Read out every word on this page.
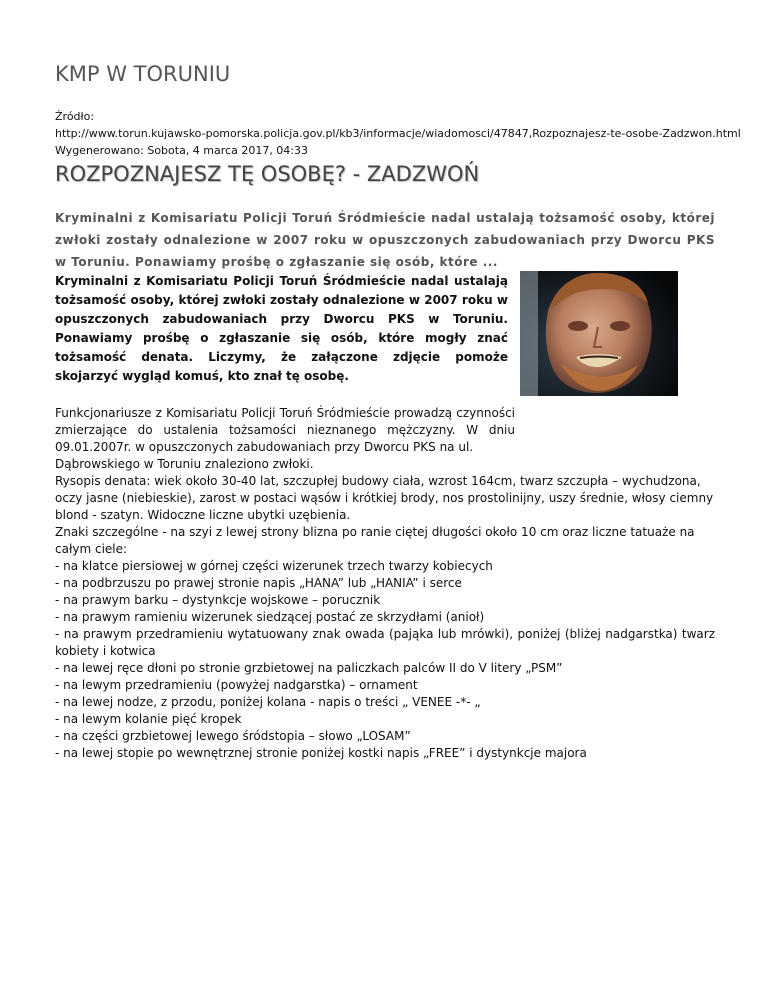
KMP W TORUNIU
Źródło:
http://www.torun.kujawsko-pomorska.policja.gov.pl/kb3/informacje/wiadomosci/47847,Rozpoznajesz-te-osobe-Zadzwon.html
Wygenerowano: Sobota, 4 marca 2017, 04:33
ROZPOZNAJESZ TĘ OSOBĘ? - ZADZWOŃ

Kryminalni z Komisariatu Policji Toruń Śródmieście nadal ustalają tożsamość osoby, której zwłoki zostały odnalezione w 2007 roku w opuszczonych zabudowaniach przy Dworcu PKS w Toruniu. Ponawiamy prośbę o zgłaszanie się osób, które ...

Kryminalni z Komisariatu Policji Toruń Śródmieście nadal ustalają tożsamość osoby, której zwłoki zostały odnalezione w 2007 roku w opuszczonych zabudowaniach przy Dworcu PKS w Toruniu. Ponawiamy prośbę o zgłaszanie się osób, które mogły znać tożsamość denata. Liczymy, że załączone zdjęcie pomoże skojarzyć wygląd komuś, kto znał tę osobę.

Funkcjonariusze z Komisariatu Policji Toruń Śródmieście prowadzą czynności zmierzające do ustalenia tożsamości nieznanego mężczyzny. W dniu 09.01.2007r. w opuszczonych zabudowaniach przy Dworcu PKS na ul.

Dąbrowskiego w Toruniu znaleziono zwłoki.

Rysopis denata: wiek około 30-40 lat, szczupłej budowy ciała, wzrost 164cm, twarz szczupła – wychudzona, oczy jasne (niebieskie), zarost w postaci wąsów i krótkiej brody, nos prostolinijny, uszy średnie, włosy ciemny blond - szatyn. Widoczne liczne ubytki uzębienia.

Znaki szczególne - na szyi z lewej strony blizna po ranie ciętej długości około 10 cm oraz liczne tatuaże na całym ciele:

- na klatce piersiowej w górnej części wizerunek trzech twarzy kobiecych
- na podbrzuszu po prawej stronie napis „HANA” lub „HANIA” i serce
- na prawym barku – dystynkcje wojskowe – porucznik
- na prawym ramieniu wizerunek siedzącej postać ze skrzydłami (anioł)
- na prawym przedramieniu wytatuowany znak owada (pająka lub mrówki), poniżej (bliżej nadgarstka) twarz kobiety i kotwica
- na lewej ręce dłoni po stronie grzbietowej na paliczkach palców II do V litery „PSM”
- na lewym przedramieniu (powyżej nadgarstka) – ornament
- na lewej nodze, z przodu, poniżej kolana - napis o treści „ VENEE -*- „
- na lewym kolanie pięć kropek
- na części grzbietowej lewego śródstopia – słowo „LOSAM”
- na lewej stopie po wewnętrznej stronie poniżej kostki napis „FREE” i dystynkcje majora
